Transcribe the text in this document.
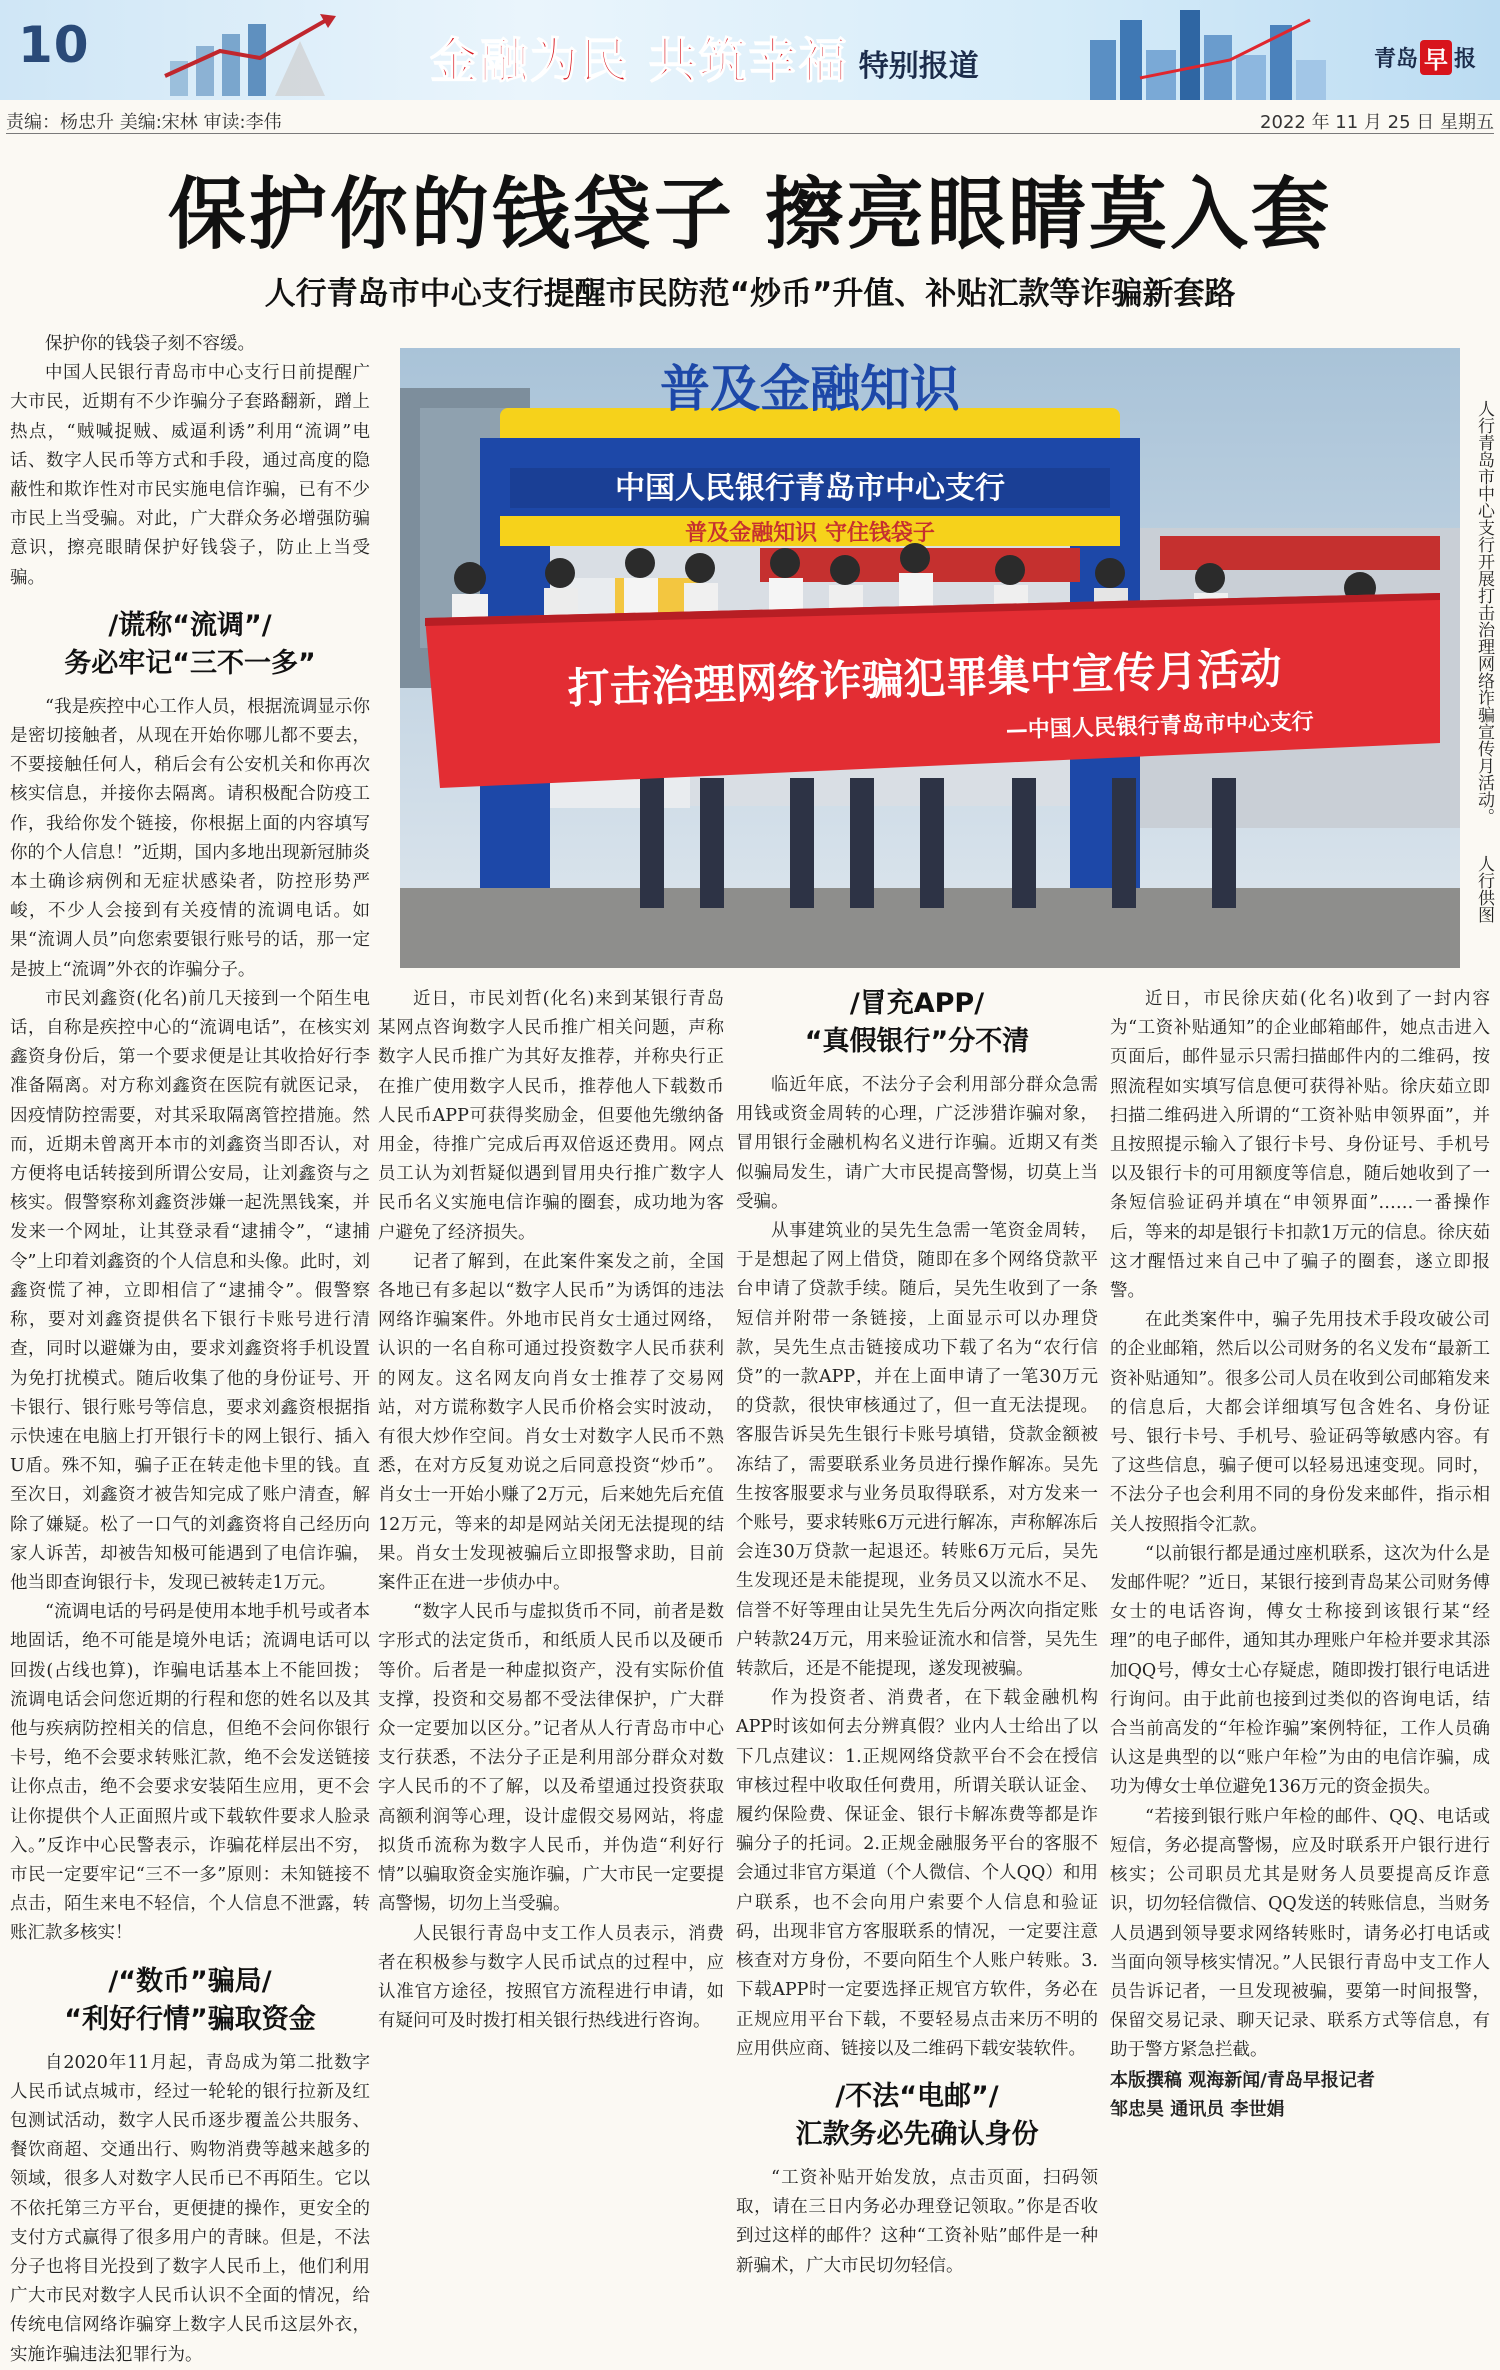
10	金融为民 共筑幸福 特别报道	青岛 早 报
责编：杨忠升 美编:宋林 审读:李伟	2022 年 11 月 25 日 星期五
保护你的钱袋子 擦亮眼睛莫入套
人行青岛市中心支行提醒市民防范“炒币”升值、补贴汇款等诈骗新套路
普及金融知识
中国人民银行青岛市中心支行
普及金融知识 守住钱袋子
打击治理网络诈骗犯罪集中宣传月活动
—中国人民银行青岛市中心支行	人行青岛市中心支行开展打击治理网络诈骗宣传月活动。 人行供图

保护你的钱袋子刻不容缓。

中国人民银行青岛市中心支行日前提醒广大市民，近期有不少诈骗分子套路翻新，蹭上热点，“贼喊捉贼、威逼利诱”利用“流调”电话、数字人民币等方式和手段，通过高度的隐蔽性和欺诈性对市民实施电信诈骗，已有不少市民上当受骗。对此，广大群众务必增强防骗意识，擦亮眼睛保护好钱袋子，防止上当受骗。

/谎称“流调”/
务必牢记“三不一多”

“我是疾控中心工作人员，根据流调显示你是密切接触者，从现在开始你哪儿都不要去，不要接触任何人，稍后会有公安机关和你再次核实信息，并接你去隔离。请积极配合防疫工作，我给你发个链接，你根据上面的内容填写你的个人信息！”近期，国内多地出现新冠肺炎本土确诊病例和无症状感染者，防控形势严峻，不少人会接到有关疫情的流调电话。如果“流调人员”向您索要银行账号的话，那一定是披上“流调”外衣的诈骗分子。

市民刘鑫资(化名)前几天接到一个陌生电话，自称是疾控中心的“流调电话”，在核实刘鑫资身份后，第一个要求便是让其收拾好行李准备隔离。对方称刘鑫资在医院有就医记录，因疫情防控需要，对其采取隔离管控措施。然而，近期未曾离开本市的刘鑫资当即否认，对方便将电话转接到所谓公安局，让刘鑫资与之核实。假警察称刘鑫资涉嫌一起洗黑钱案，并发来一个网址，让其登录看“逮捕令”，“逮捕令”上印着刘鑫资的个人信息和头像。此时，刘鑫资慌了神，立即相信了“逮捕令”。假警察称，要对刘鑫资提供名下银行卡账号进行清查，同时以避嫌为由，要求刘鑫资将手机设置为免打扰模式。随后收集了他的身份证号、开卡银行、银行账号等信息，要求刘鑫资根据指示快速在电脑上打开银行卡的网上银行、插入U盾。殊不知，骗子正在转走他卡里的钱。直至次日，刘鑫资才被告知完成了账户清查，解除了嫌疑。松了一口气的刘鑫资将自己经历向家人诉苦，却被告知极可能遇到了电信诈骗，他当即查询银行卡，发现已被转走1万元。

“流调电话的号码是使用本地手机号或者本地固话，绝不可能是境外电话；流调电话可以回拨(占线也算)，诈骗电话基本上不能回拨；流调电话会问您近期的行程和您的姓名以及其他与疾病防控相关的信息，但绝不会问你银行卡号，绝不会要求转账汇款，绝不会发送链接让你点击，绝不会要求安装陌生应用，更不会让你提供个人正面照片或下载软件要求人脸录入。”反诈中心民警表示，诈骗花样层出不穷，市民一定要牢记“三不一多”原则：未知链接不点击，陌生来电不轻信，个人信息不泄露，转账汇款多核实！

/“数币”骗局/
“利好行情”骗取资金

自2020年11月起，青岛成为第二批数字人民币试点城市，经过一轮轮的银行拉新及红包测试活动，数字人民币逐步覆盖公共服务、餐饮商超、交通出行、购物消费等越来越多的领域，很多人对数字人民币已不再陌生。它以不依托第三方平台，更便捷的操作，更安全的支付方式赢得了很多用户的青睐。但是，不法分子也将目光投到了数字人民币上，他们利用广大市民对数字人民币认识不全面的情况，给传统电信网络诈骗穿上数字人民币这层外衣，实施诈骗违法犯罪行为。

近日，市民刘哲(化名)来到某银行青岛某网点咨询数字人民币推广相关问题，声称数字人民币推广为其好友推荐，并称央行正在推广使用数字人民币，推荐他人下载数币人民币APP可获得奖励金，但要他先缴纳备用金，待推广完成后再双倍返还费用。网点员工认为刘哲疑似遇到冒用央行推广数字人民币名义实施电信诈骗的圈套，成功地为客户避免了经济损失。

记者了解到，在此案件案发之前，全国各地已有多起以“数字人民币”为诱饵的违法网络诈骗案件。外地市民肖女士通过网络，认识的一名自称可通过投资数字人民币获利的网友。这名网友向肖女士推荐了交易网站，对方谎称数字人民币价格会实时波动，有很大炒作空间。肖女士对数字人民币不熟悉，在对方反复劝说之后同意投资“炒币”。肖女士一开始小赚了2万元，后来她先后充值12万元，等来的却是网站关闭无法提现的结果。肖女士发现被骗后立即报警求助，目前案件正在进一步侦办中。

“数字人民币与虚拟货币不同，前者是数字形式的法定货币，和纸质人民币以及硬币等价。后者是一种虚拟资产，没有实际价值支撑，投资和交易都不受法律保护，广大群众一定要加以区分。”记者从人行青岛市中心支行获悉，不法分子正是利用部分群众对数字人民币的不了解，以及希望通过投资获取高额利润等心理，设计虚假交易网站，将虚拟货币流称为数字人民币，并伪造“利好行情”以骗取资金实施诈骗，广大市民一定要提高警惕，切勿上当受骗。

人民银行青岛中支工作人员表示，消费者在积极参与数字人民币试点的过程中，应认准官方途径，按照官方流程进行申请，如有疑问可及时拨打相关银行热线进行咨询。

/冒充APP/
“真假银行”分不清

临近年底，不法分子会利用部分群众急需用钱或资金周转的心理，广泛涉猎诈骗对象，冒用银行金融机构名义进行诈骗。近期又有类似骗局发生，请广大市民提高警惕，切莫上当受骗。

从事建筑业的吴先生急需一笔资金周转，于是想起了网上借贷，随即在多个网络贷款平台申请了贷款手续。随后，吴先生收到了一条短信并附带一条链接，上面显示可以办理贷款，吴先生点击链接成功下载了名为“农行信贷”的一款APP，并在上面申请了一笔30万元的贷款，很快审核通过了，但一直无法提现。客服告诉吴先生银行卡账号填错，贷款金额被冻结了，需要联系业务员进行操作解冻。吴先生按客服要求与业务员取得联系，对方发来一个账号，要求转账6万元进行解冻，声称解冻后会连30万贷款一起退还。转账6万元后，吴先生发现还是未能提现，业务员又以流水不足、信誉不好等理由让吴先生先后分两次向指定账户转款24万元，用来验证流水和信誉，吴先生转款后，还是不能提现，遂发现被骗。

作为投资者、消费者，在下载金融机构APP时该如何去分辨真假？业内人士给出了以下几点建议：1.正规网络贷款平台不会在授信审核过程中收取任何费用，所谓关联认证金、履约保险费、保证金、银行卡解冻费等都是诈骗分子的托词。2.正规金融服务平台的客服不会通过非官方渠道（个人微信、个人QQ）和用户联系，也不会向用户索要个人信息和验证码，出现非官方客服联系的情况，一定要注意核查对方身份，不要向陌生个人账户转账。3.下载APP时一定要选择正规官方软件，务必在正规应用平台下载，不要轻易点击来历不明的应用供应商、链接以及二维码下载安装软件。

/不法“电邮”/
汇款务必先确认身份

“工资补贴开始发放，点击页面，扫码领取，请在三日内务必办理登记领取。”你是否收到过这样的邮件？这种“工资补贴”邮件是一种新骗术，广大市民切勿轻信。

近日，市民徐庆茹(化名)收到了一封内容为“工资补贴通知”的企业邮箱邮件，她点击进入页面后，邮件显示只需扫描邮件内的二维码，按照流程如实填写信息便可获得补贴。徐庆茹立即扫描二维码进入所谓的“工资补贴申领界面”，并且按照提示输入了银行卡号、身份证号、手机号以及银行卡的可用额度等信息，随后她收到了一条短信验证码并填在“申领界面”……一番操作后，等来的却是银行卡扣款1万元的信息。徐庆茹这才醒悟过来自己中了骗子的圈套，遂立即报警。

在此类案件中，骗子先用技术手段攻破公司的企业邮箱，然后以公司财务的名义发布“最新工资补贴通知”。很多公司人员在收到公司邮箱发来的信息后，大都会详细填写包含姓名、身份证号、银行卡号、手机号、验证码等敏感内容。有了这些信息，骗子便可以轻易迅速变现。同时，不法分子也会利用不同的身份发来邮件，指示相关人按照指令汇款。

“以前银行都是通过座机联系，这次为什么是发邮件呢？”近日，某银行接到青岛某公司财务傅女士的电话咨询，傅女士称接到该银行某“经理”的电子邮件，通知其办理账户年检并要求其添加QQ号，傅女士心存疑虑，随即拨打银行电话进行询问。由于此前也接到过类似的咨询电话，结合当前高发的“年检诈骗”案例特征，工作人员确认这是典型的以“账户年检”为由的电信诈骗，成功为傅女士单位避免136万元的资金损失。

“若接到银行账户年检的邮件、QQ、电话或短信，务必提高警惕，应及时联系开户银行进行核实；公司职员尤其是财务人员要提高反诈意识，切勿轻信微信、QQ发送的转账信息，当财务人员遇到领导要求网络转账时，请务必打电话或当面向领导核实情况。”人民银行青岛中支工作人员告诉记者，一旦发现被骗，要第一时间报警，保留交易记录、聊天记录、联系方式等信息，有助于警方紧急拦截。

本版撰稿 观海新闻/青岛早报记者

邹忠昊 通讯员 李世娟
